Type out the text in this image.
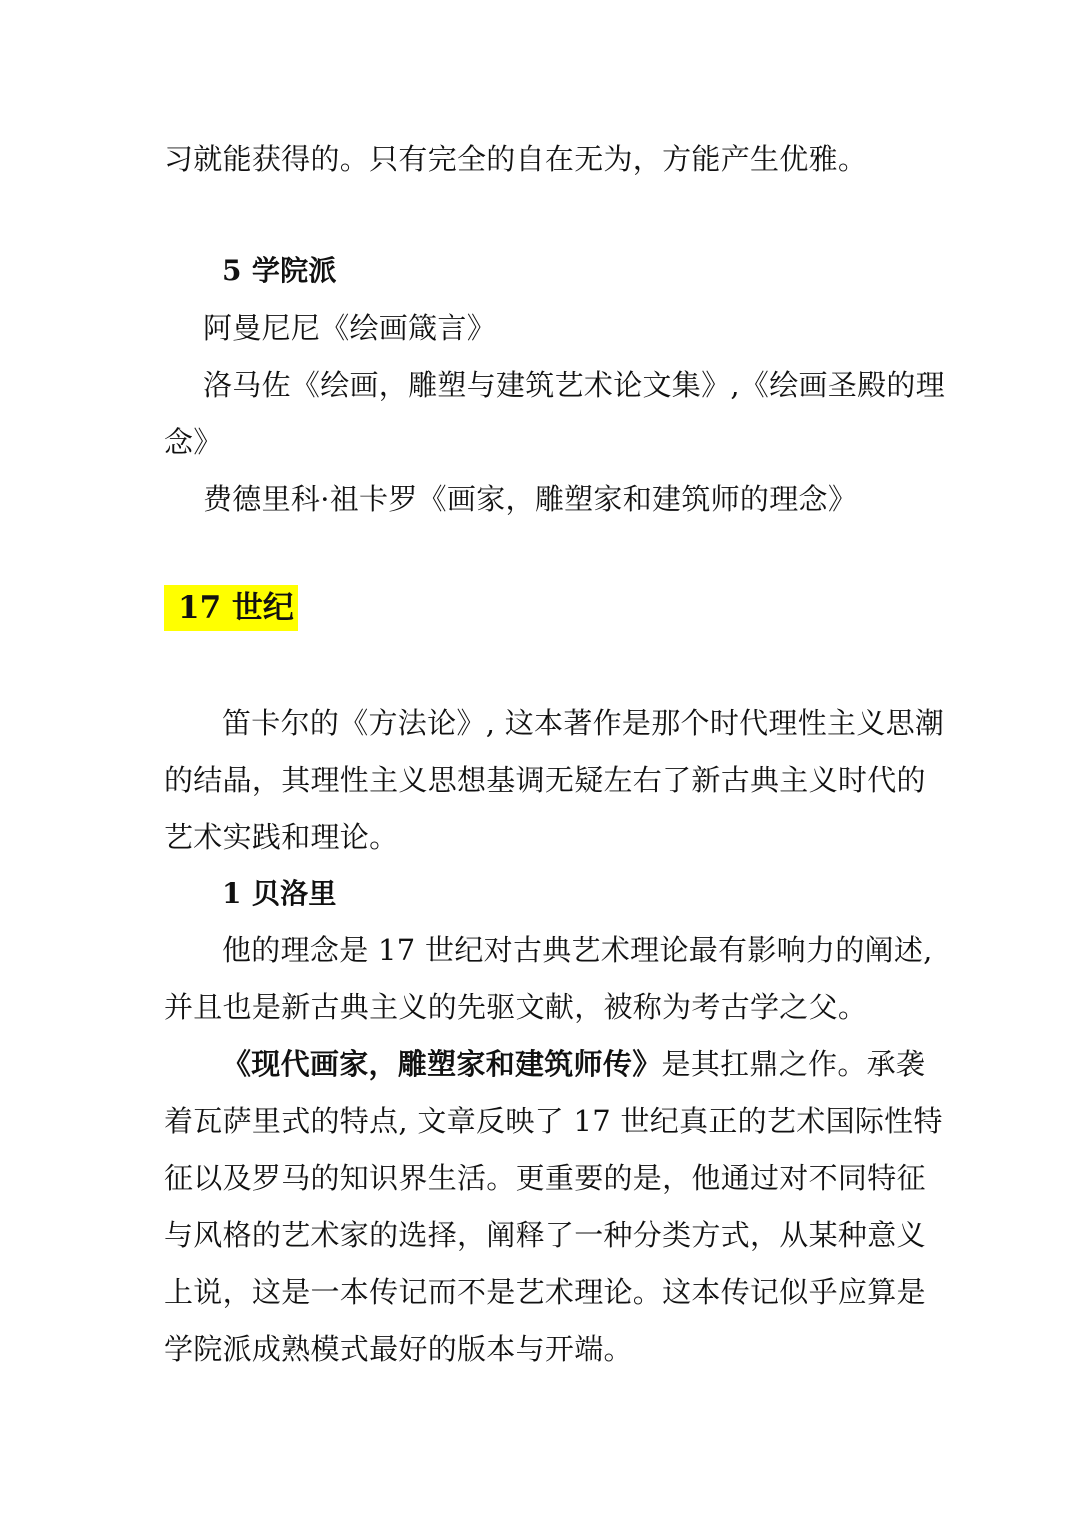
习就能获得的。只有完全的自在无为，方能产生优雅。
5 学院派
阿曼尼尼《绘画箴言》
洛马佐《绘画，雕塑与建筑艺术论文集》,《绘画圣殿的理
念》
费德里科·祖卡罗《画家，雕塑家和建筑师的理念》
17 世纪
笛卡尔的《方法论》, 这本著作是那个时代理性主义思潮
的结晶，其理性主义思想基调无疑左右了新古典主义时代的
艺术实践和理论。
1 贝洛里
他的理念是 17 世纪对古典艺术理论最有影响力的阐述,
并且也是新古典主义的先驱文献，被称为考古学之父。
《现代画家，雕塑家和建筑师传》是其扛鼎之作。承袭
着瓦萨里式的特点, 文章反映了 17 世纪真正的艺术国际性特
征以及罗马的知识界生活。更重要的是，他通过对不同特征
与风格的艺术家的选择，阐释了一种分类方式，从某种意义
上说，这是一本传记而不是艺术理论。这本传记似乎应算是
学院派成熟模式最好的版本与开端。
